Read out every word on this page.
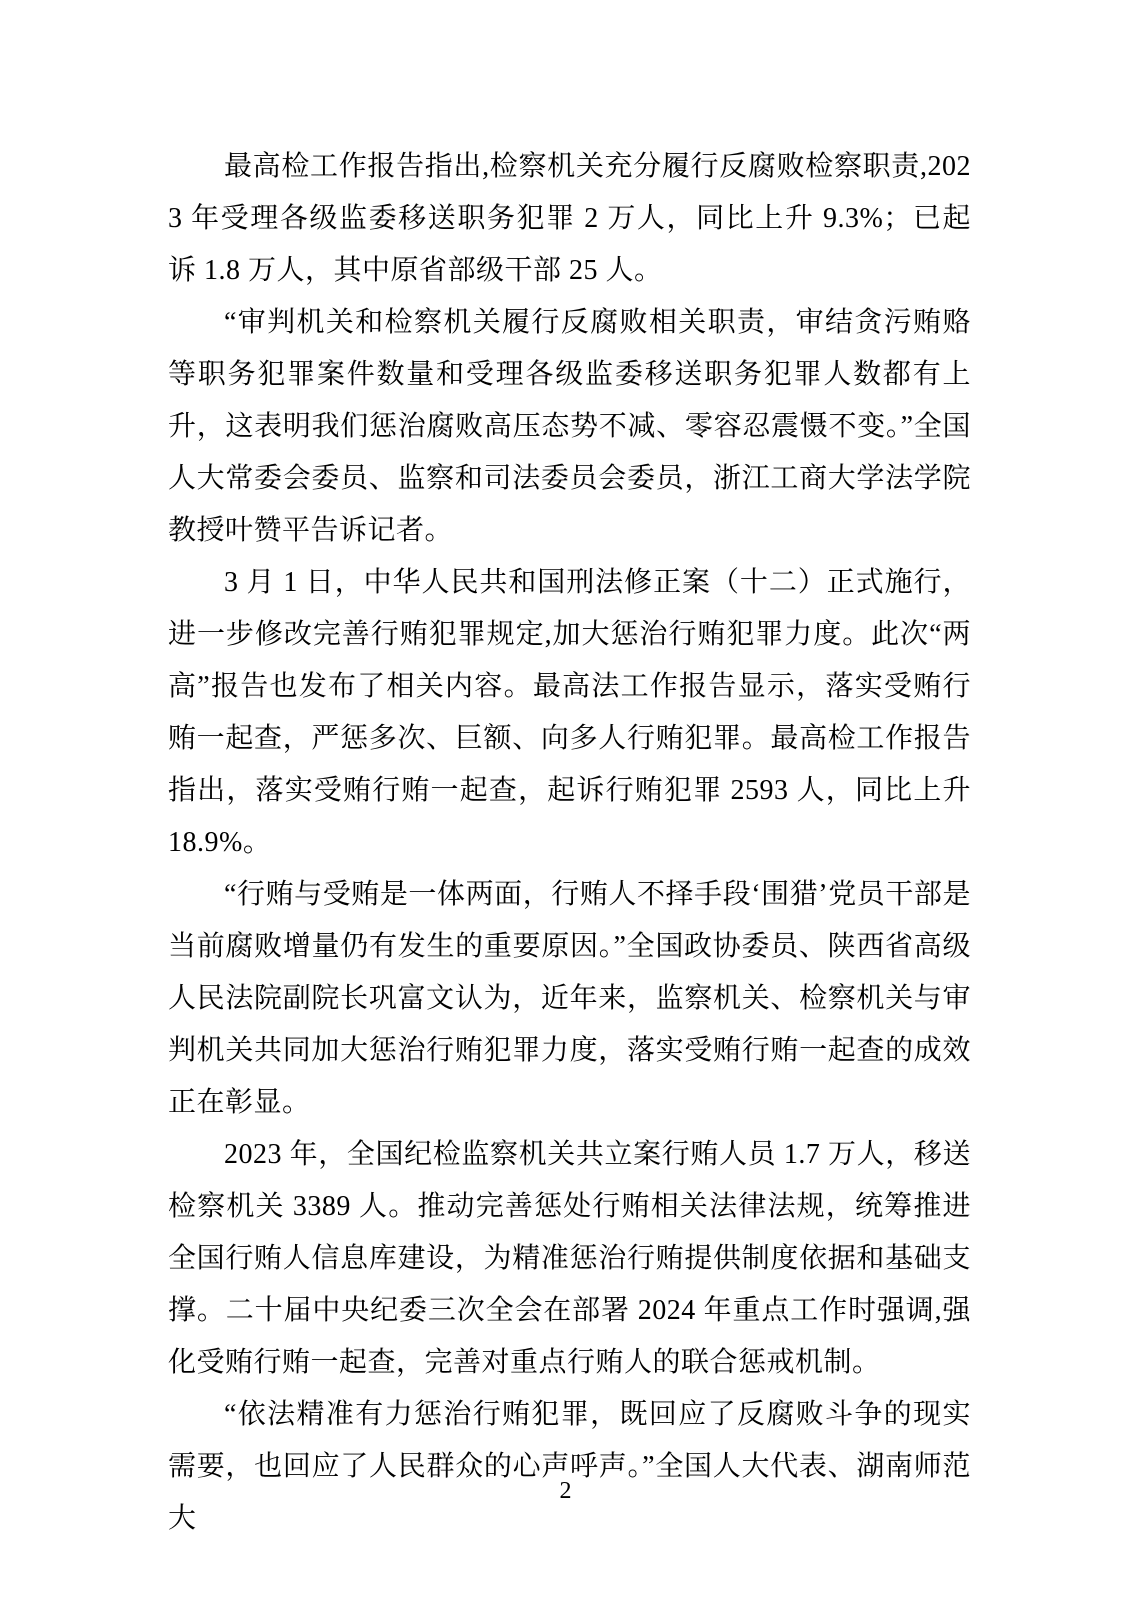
最高检工作报告指出,检察机关充分履行反腐败检察职责,2023 年受理各级监委移送职务犯罪 2 万人，同比上升 9.3%；已起诉 1.8 万人，其中原省部级干部 25 人。

“审判机关和检察机关履行反腐败相关职责，审结贪污贿赂等职务犯罪案件数量和受理各级监委移送职务犯罪人数都有上升，这表明我们惩治腐败高压态势不减、零容忍震慑不变。”全国人大常委会委员、监察和司法委员会委员，浙江工商大学法学院教授叶赞平告诉记者。

3 月 1 日，中华人民共和国刑法修正案（十二）正式施行，进一步修改完善行贿犯罪规定,加大惩治行贿犯罪力度。此次“两高”报告也发布了相关内容。最高法工作报告显示，落实受贿行贿一起查，严惩多次、巨额、向多人行贿犯罪。最高检工作报告指出，落实受贿行贿一起查，起诉行贿犯罪 2593 人，同比上升 18.9%。

“行贿与受贿是一体两面，行贿人不择手段‘围猎’党员干部是当前腐败增量仍有发生的重要原因。”全国政协委员、陕西省高级人民法院副院长巩富文认为，近年来，监察机关、检察机关与审判机关共同加大惩治行贿犯罪力度，落实受贿行贿一起查的成效正在彰显。

2023 年，全国纪检监察机关共立案行贿人员 1.7 万人，移送检察机关 3389 人。推动完善惩处行贿相关法律法规，统筹推进全国行贿人信息库建设，为精准惩治行贿提供制度依据和基础支撑。二十届中央纪委三次全会在部署 2024 年重点工作时强调,强化受贿行贿一起查，完善对重点行贿人的联合惩戒机制。

“依法精准有力惩治行贿犯罪，既回应了反腐败斗争的现实需要，也回应了人民群众的心声呼声。”全国人大代表、湖南师范大

2
